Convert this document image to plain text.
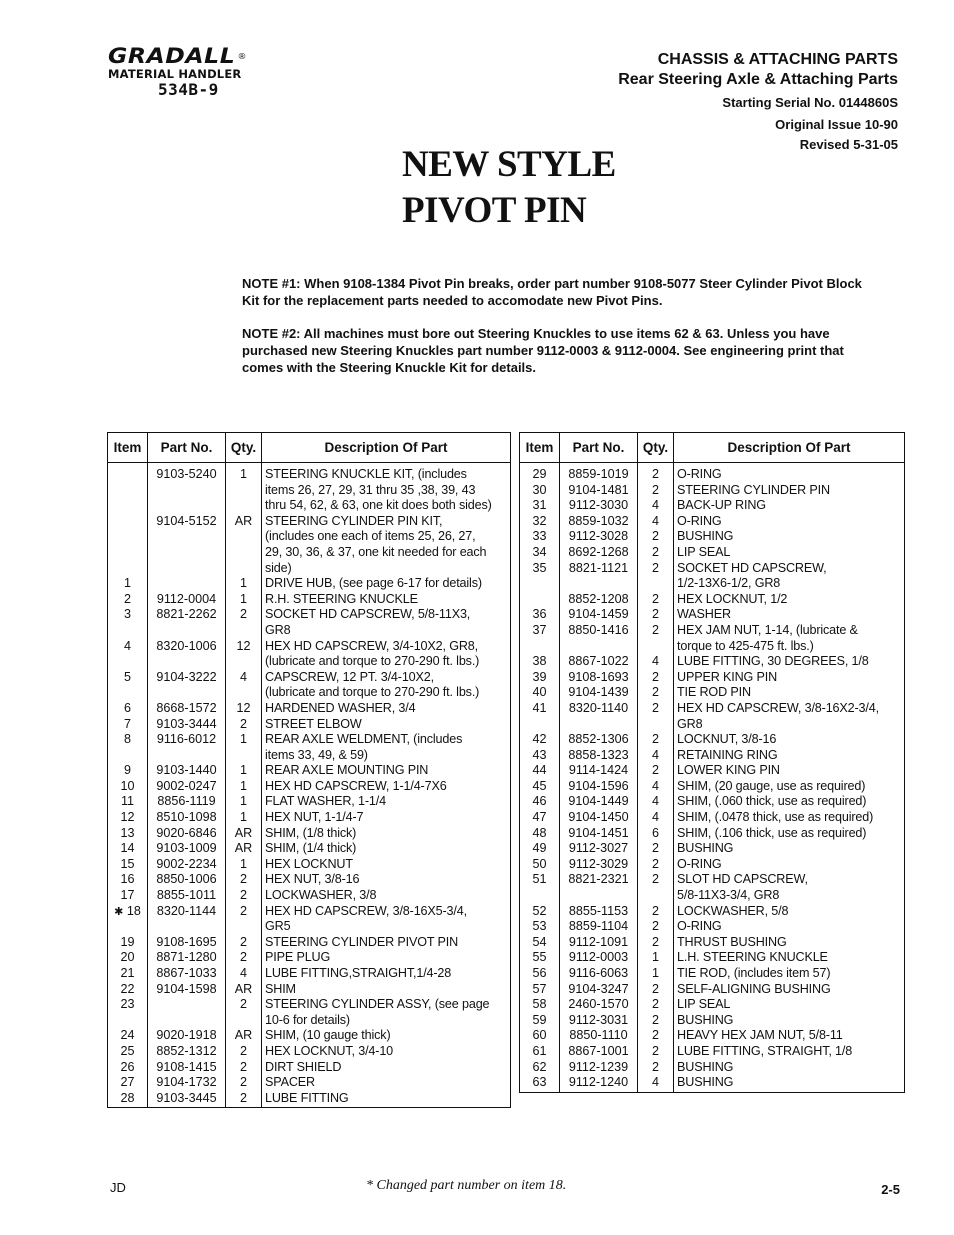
GRADALL ®
MATERIAL HANDLER
534B-9
CHASSIS & ATTACHING PARTS
Rear Steering Axle & Attaching Parts
Starting Serial No. 0144860S
Original Issue 10-90
Revised 5-31-05
NEW STYLE
PIVOT PIN

NOTE #1: When 9108-1384 Pivot Pin breaks, order part number 9108-5077 Steer Cylinder Pivot Block Kit for the replacement parts needed to accomodate new Pivot Pins.

NOTE #2: All machines must bore out Steering Knuckles to use items 62 & 63. Unless you have purchased new Steering Knuckles part number 9112-0003 & 9112-0004. See engineering print that comes with the Steering Knuckle Kit for details.

Item	Part No.	Qty.	Description Of Part
	9103-5240	1	STEERING KNUCKLE KIT, (includes
items 26, 27, 29, 31 thru 35 ,38, 39, 43
thru 54, 62, & 63, one kit does both sides)

	9104-5152	AR	STEERING CYLINDER PIN KIT,
(includes one each of items 25, 26, 27,
29, 30, 36, & 37, one kit needed for each
side)

1		1	DRIVE HUB, (see page 6-17 for details)

2	9112-0004	1	R.H. STEERING KNUCKLE

3	8821-2262	2	SOCKET HD CAPSCREW, 5/8-11X3,
GR8

4	8320-1006	12	HEX HD CAPSCREW, 3/4-10X2, GR8,
(lubricate and torque to 270-290 ft. lbs.)

5	9104-3222	4	CAPSCREW, 12 PT. 3/4-10X2,
(lubricate and torque to 270-290 ft. lbs.)

6	8668-1572	12	HARDENED WASHER, 3/4

7	9103-3444	2	STREET ELBOW

8	9116-6012	1	REAR AXLE WELDMENT, (includes
items 33, 49, & 59)

9	9103-1440	1	REAR AXLE MOUNTING PIN

10	9002-0247	1	HEX HD CAPSCREW, 1-1/4-7X6

11	8856-1119	1	FLAT WASHER, 1-1/4

12	8510-1098	1	HEX NUT, 1-1/4-7

13	9020-6846	AR	SHIM, (1/8 thick)

14	9103-1009	AR	SHIM, (1/4 thick)

15	9002-2234	1	HEX LOCKNUT

16	8850-1006	2	HEX NUT, 3/8-16

17	8855-1011	2	LOCKWASHER, 3/8

✱ 18	8320-1144	2	HEX HD CAPSCREW, 3/8-16X5-3/4,
GR5

19	9108-1695	2	STEERING CYLINDER PIVOT PIN

20	8871-1280	2	PIPE PLUG

21	8867-1033	4	LUBE FITTING,STRAIGHT,1/4-28

22	9104-1598	AR	SHIM

23		2	STEERING CYLINDER ASSY, (see page
10-6 for details)

24	9020-1918	AR	SHIM, (10 gauge thick)

25	8852-1312	2	HEX LOCKNUT, 3/4-10

26	9108-1415	2	DIRT SHIELD

27	9104-1732	2	SPACER

28	9103-3445	2	LUBE FITTING
Item	Part No.	Qty.	Description Of Part
29	8859-1019	2	O-RING

30	9104-1481	2	STEERING CYLINDER PIN

31	9112-3030	4	BACK-UP RING

32	8859-1032	4	O-RING

33	9112-3028	2	BUSHING

34	8692-1268	2	LIP SEAL

35	8821-1121	2	SOCKET HD CAPSCREW,
1/2-13X6-1/2, GR8

	8852-1208	2	HEX LOCKNUT, 1/2

36	9104-1459	2	WASHER

37	8850-1416	2	HEX JAM NUT, 1-14, (lubricate &
torque to 425-475 ft. lbs.)

38	8867-1022	4	LUBE FITTING, 30 DEGREES, 1/8

39	9108-1693	2	UPPER KING PIN

40	9104-1439	2	TIE ROD PIN

41	8320-1140	2	HEX HD CAPSCREW, 3/8-16X2-3/4,
GR8

42	8852-1306	2	LOCKNUT, 3/8-16

43	8858-1323	4	RETAINING RING

44	9114-1424	2	LOWER KING PIN

45	9104-1596	4	SHIM, (20 gauge, use as required)

46	9104-1449	4	SHIM, (.060 thick, use as required)

47	9104-1450	4	SHIM, (.0478 thick, use as required)

48	9104-1451	6	SHIM, (.106 thick, use as required)

49	9112-3027	2	BUSHING

50	9112-3029	2	O-RING

51	8821-2321	2	SLOT HD CAPSCREW,
5/8-11X3-3/4, GR8

52	8855-1153	2	LOCKWASHER, 5/8

53	8859-1104	2	O-RING

54	9112-1091	2	THRUST BUSHING

55	9112-0003	1	L.H. STEERING KNUCKLE

56	9116-6063	1	TIE ROD, (includes item 57)

57	9104-3247	2	SELF-ALIGNING BUSHING

58	2460-1570	2	LIP SEAL

59	9112-3031	2	BUSHING

60	8850-1110	2	HEAVY HEX JAM NUT, 5/8-11

61	8867-1001	2	LUBE FITTING, STRAIGHT, 1/8

62	9112-1239	2	BUSHING

63	9112-1240	4	BUSHING
JD	* Changed part number on item 18.	2-5
